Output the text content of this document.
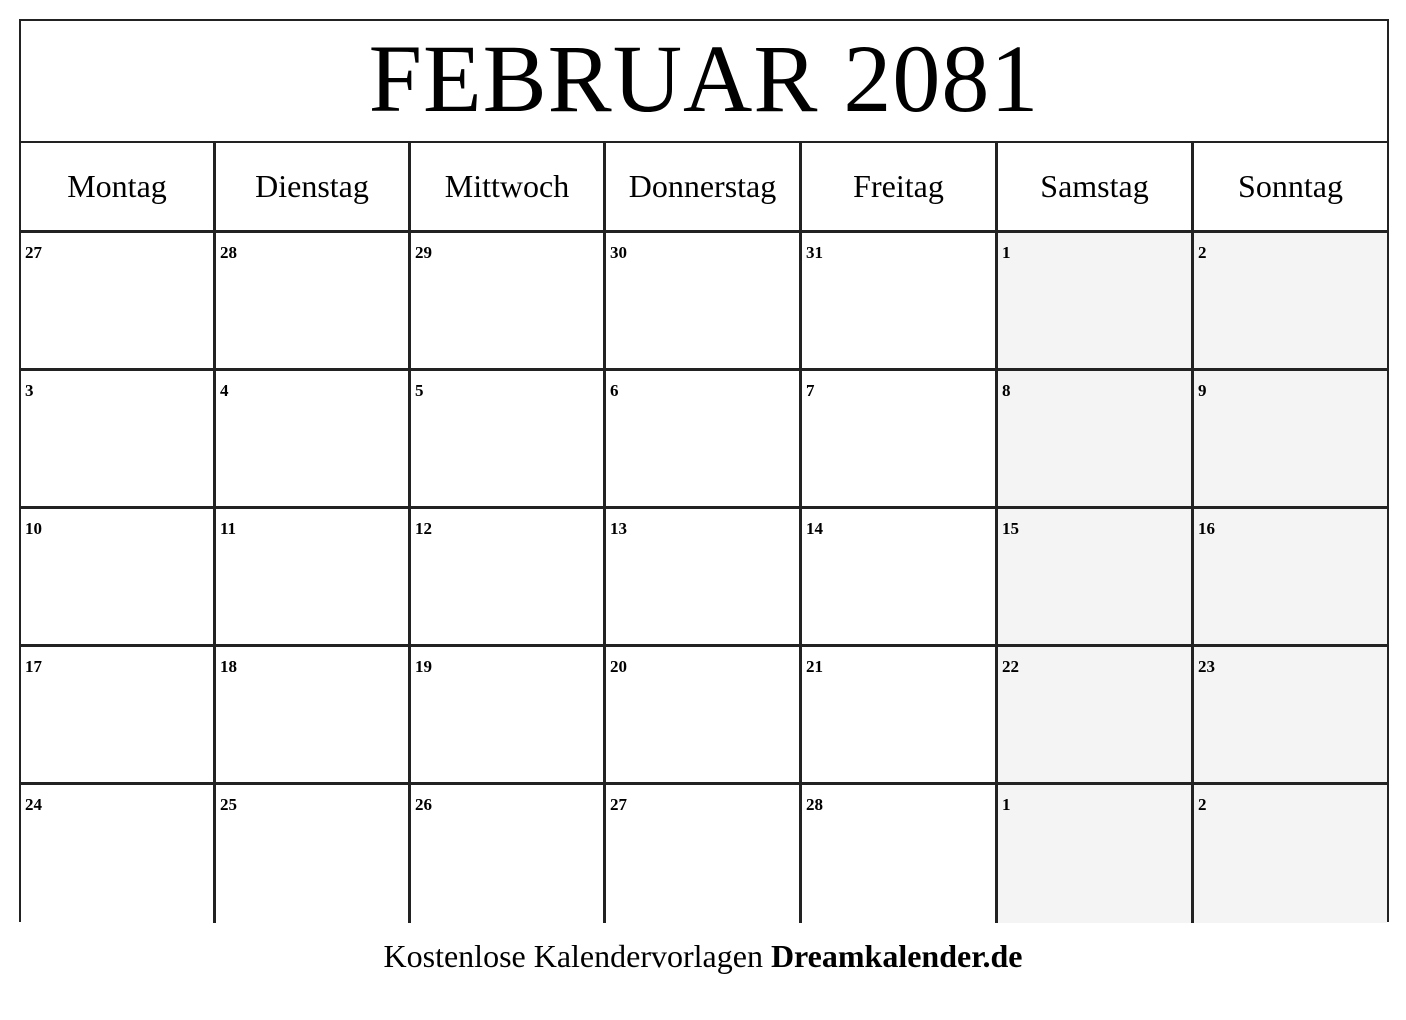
FEBRUAR 2081
Montag	Dienstag	Mittwoch	Donnerstag	Freitag	Samstag	Sonntag
27	28	29	30	31	1	2
3	4	5	6	7	8	9
10	11	12	13	14	15	16
17	18	19	20	21	22	23
24	25	26	27	28	1	2
Kostenlose Kalendervorlagen Dreamkalender.de
